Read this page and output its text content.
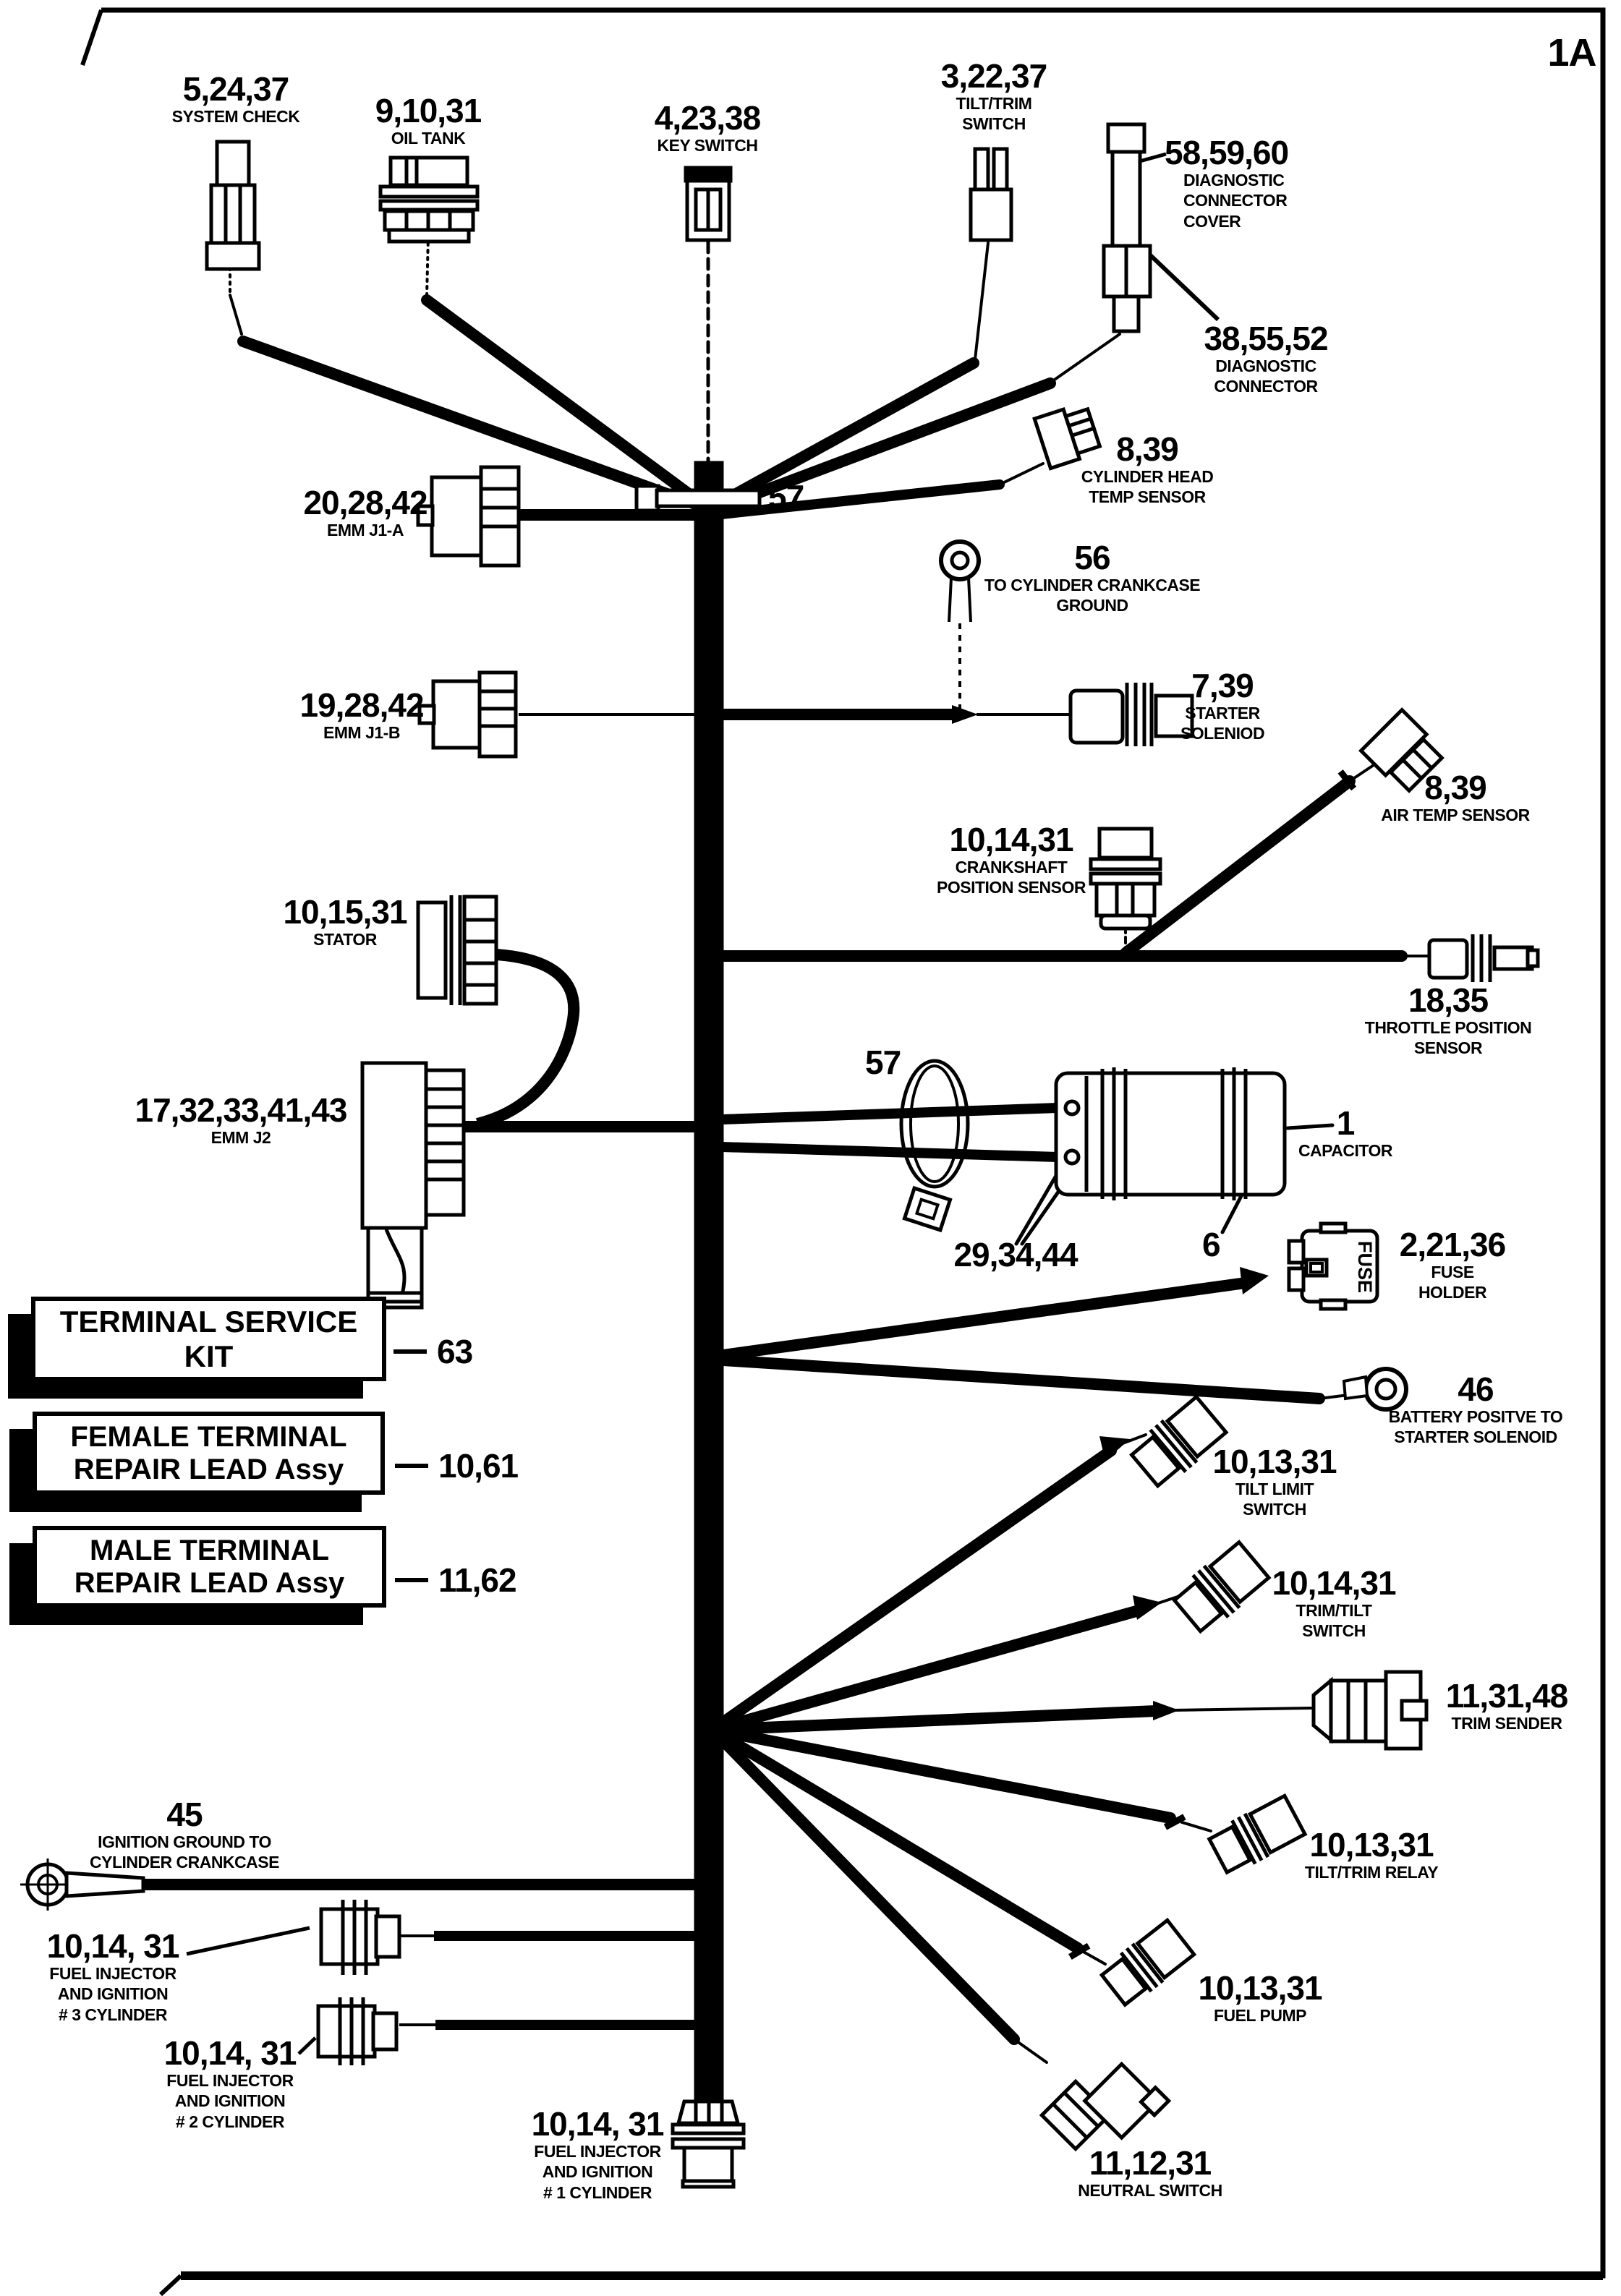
FUSE
5,24,37
SYSTEM CHECK	9,10,31
OIL TANK
4,23,38
KEY SWITCH
3,22,37
TILT/TRIM
SWITCH
58,59,60
DIAGNOSTIC
CONNECTOR
COVER
1A
38,55,52
DIAGNOSTIC
CONNECTOR
8,39
CYLINDER HEAD
TEMP SENSOR
57
20,28,42
EMM J1-A
56
TO CYLINDER CRANKCASE
GROUND
7,39
STARTER
SOLENIOD
19,28,42
EMM J1-B
8,39
AIR TEMP SENSOR
10,14,31
CRANKSHAFT
POSITION SENSOR
10,15,31
STATOR
18,35
THROTTLE POSITION
SENSOR
17,32,33,41,43
EMM J2
57
1
CAPACITOR
29,34,44	6	2,21,36
FUSE
HOLDER
46
BATTERY POSITVE TO
STARTER SOLENOID
10,13,31
TILT LIMIT
SWITCH
10,14,31
TRIM/TILT
SWITCH
11,31,48
TRIM SENDER
45
IGNITION GROUND TO
CYLINDER CRANKCASE	10,13,31
TILT/TRIM RELAY
10,13,31
FUEL PUMP
10,14, 31
FUEL INJECTOR
AND IGNITION
# 3 CYLINDER
10,14, 31
FUEL INJECTOR
AND IGNITION
# 2 CYLINDER	10,14, 31
FUEL INJECTOR
AND IGNITION
# 1 CYLINDER
11,12,31
NEUTRAL SWITCH
TERMINAL SERVICE
KIT	63
FEMALE TERMINAL
REPAIR LEAD Assy	10,61
MALE TERMINAL
REPAIR LEAD Assy	11,62
